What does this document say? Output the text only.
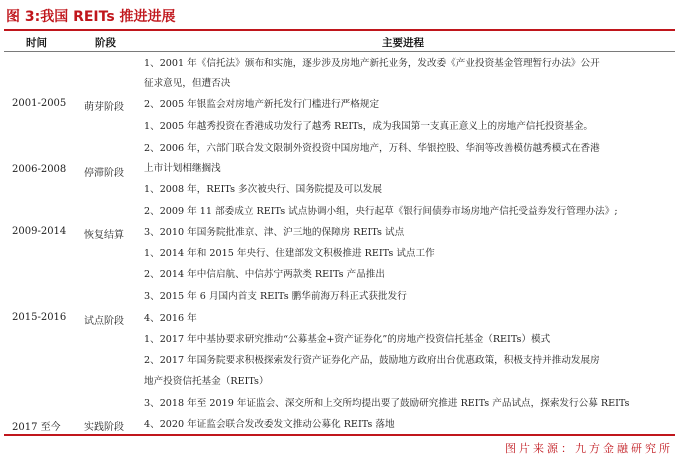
图 3:我国 REITs 推进进展
时间	阶段	主要进程
2001-2005 萌芽阶段
2006-2008 停滞阶段
2009-2014 恢复结算
2015-2016 试点阶段
2017 至今 实践阶段
1、2001 年《信托法》颁布和实施，逐步涉及房地产新托业务，发改委《产业投资基金管理暂行办法》公开
征求意见，但遭否决
2、2005 年银监会对房地产新托发行门槛进行严格规定
1、2005 年越秀投资在香港成功发行了越秀 REITs，成为我国第一支真正意义上的房地产信托投资基金。
2、2006 年，六部门联合发文限制外资投资中国房地产，万科、华银控股、华润等改善模仿越秀模式在香港
上市计划相继搁浅
1、2008 年，REITs 多次被央行、国务院提及可以发展
2、2009 年 11 部委成立 REITs 试点协调小组，央行起草《银行间债券市场房地产信托受益券发行管理办法》;
3、2010 年国务院批准京、津、沪三地的保障房 REITs 试点
1、2014 年和 2015 年央行、住建部发文积极推进 REITs 试点工作
2、2014 年中信启航、中信苏宁两款类 REITs 产品推出
3、2015 年 6 月国内首支 REITs 鹏华前海万科正式获批发行
4、2016 年
1、2017 年中基协要求研究推动“公募基金+资产证券化”的房地产投资信托基金（REITs）模式
2、2017 年国务院要求积极探索发行资产证券化产品，鼓励地方政府出台优惠政策，积极支持并推动发展房
地产投资信托基金（REITs）
3、2018 年至 2019 年证监会、深交所和上交所均提出要了鼓励研究推进 REITs 产品试点，探索发行公募 REITs
4、2020 年证监会联合发改委发文推动公募化 REITs 落地
图片来源：九方金融研究所
